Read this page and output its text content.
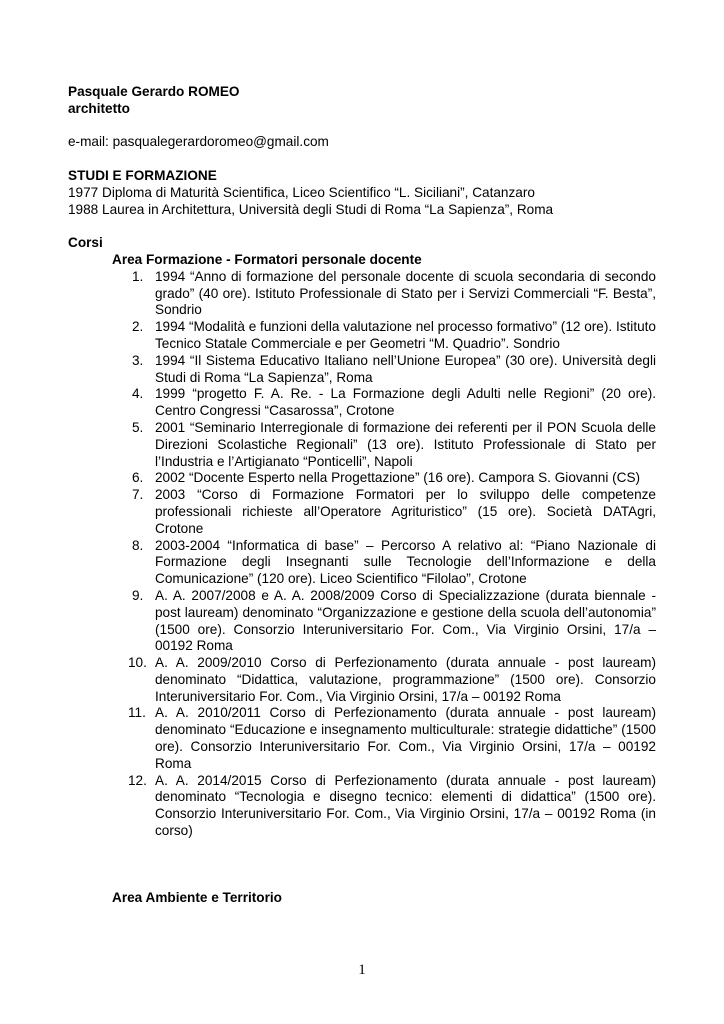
Pasquale Gerardo ROMEO
architetto
e-mail: pasqualegerardoromeo@gmail.com
STUDI E FORMAZIONE
1977 Diploma di Maturità Scientifica, Liceo Scientifico “L. Siciliani”, Catanzaro
1988 Laurea in Architettura, Università degli Studi di Roma “La Sapienza”, Roma
Corsi
Area Formazione - Formatori personale docente
1. 1994 “Anno di formazione del personale docente di scuola secondaria di secondo grado” (40 ore). Istituto Professionale di Stato per i Servizi Commerciali “F. Besta”, Sondrio
2. 1994 “Modalità e funzioni della valutazione nel processo formativo” (12 ore). Istituto Tecnico Statale Commerciale e per Geometri “M. Quadrio”. Sondrio
3. 1994 “Il Sistema Educativo Italiano nell’Unione Europea” (30 ore). Università degli Studi di Roma “La Sapienza”, Roma
4. 1999 “progetto F. A. Re. - La Formazione degli Adulti nelle Regioni” (20 ore). Centro Congressi “Casarossa”, Crotone
5. 2001 “Seminario Interregionale di formazione dei referenti per il PON Scuola delle Direzioni Scolastiche Regionali” (13 ore). Istituto Professionale di Stato per l’Industria e l’Artigianato “Ponticelli”, Napoli
6. 2002 “Docente Esperto nella Progettazione” (16 ore). Campora S. Giovanni (CS)
7. 2003 “Corso di Formazione Formatori per lo sviluppo delle competenze professionali richieste all’Operatore Agrituristico” (15 ore). Società DATAgri, Crotone
8. 2003-2004 “Informatica di base” – Percorso A relativo al: “Piano Nazionale di Formazione degli Insegnanti sulle Tecnologie dell’Informazione e della Comunicazione” (120 ore). Liceo Scientifico “Filolao”, Crotone
9. A. A. 2007/2008 e A. A. 2008/2009 Corso di Specializzazione (durata biennale - post lauream) denominato “Organizzazione e gestione della scuola dell’autonomia” (1500 ore). Consorzio Interuniversitario For. Com., Via Virginio Orsini, 17/a – 00192 Roma
10. A. A. 2009/2010 Corso di Perfezionamento (durata annuale - post lauream) denominato “Didattica, valutazione, programmazione” (1500 ore). Consorzio Interuniversitario For. Com., Via Virginio Orsini, 17/a – 00192 Roma
11. A. A. 2010/2011 Corso di Perfezionamento (durata annuale - post lauream) denominato “Educazione e insegnamento multiculturale: strategie didattiche” (1500 ore). Consorzio Interuniversitario For. Com., Via Virginio Orsini, 17/a – 00192 Roma
12. A. A. 2014/2015 Corso di Perfezionamento (durata annuale - post lauream) denominato “Tecnologia e disegno tecnico: elementi di didattica” (1500 ore). Consorzio Interuniversitario For. Com., Via Virginio Orsini, 17/a – 00192 Roma (in corso)
Area Ambiente e Territorio
1
